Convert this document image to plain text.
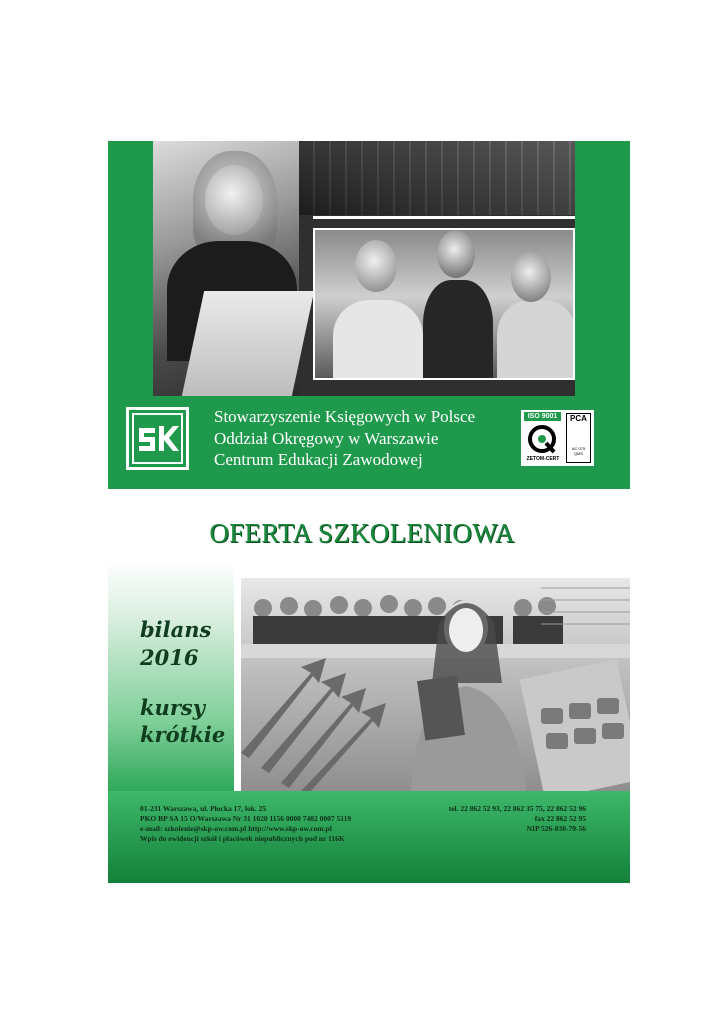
Stowarzyszenie Księgowych w Polsce
Oddział Okręgowy w Warszawie
Centrum Edukacji Zawodowej
ISO 9001
ZETOM-CERT
PCA

AC 075
QMS
OFERTA SZKOLENIOWA
bilans
2016
kursy
krótkie
01-231 Warszawa, ul. Płocka 17, lok. 25
PKO BP SA 15 O/Warszawa Nr 31 1020 1156 0000 7402 0007 5119
e-mail: szkolenie@skp-ow.com.pl http://www.skp-ow.com.pl
Wpis do ewidencji szkół i placówek niepublicznych pod nr 116K
tel. 22 862 52 93, 22 862 35 75, 22 862 52 96
fax 22 862 52 95
NIP 526-030-79-56
